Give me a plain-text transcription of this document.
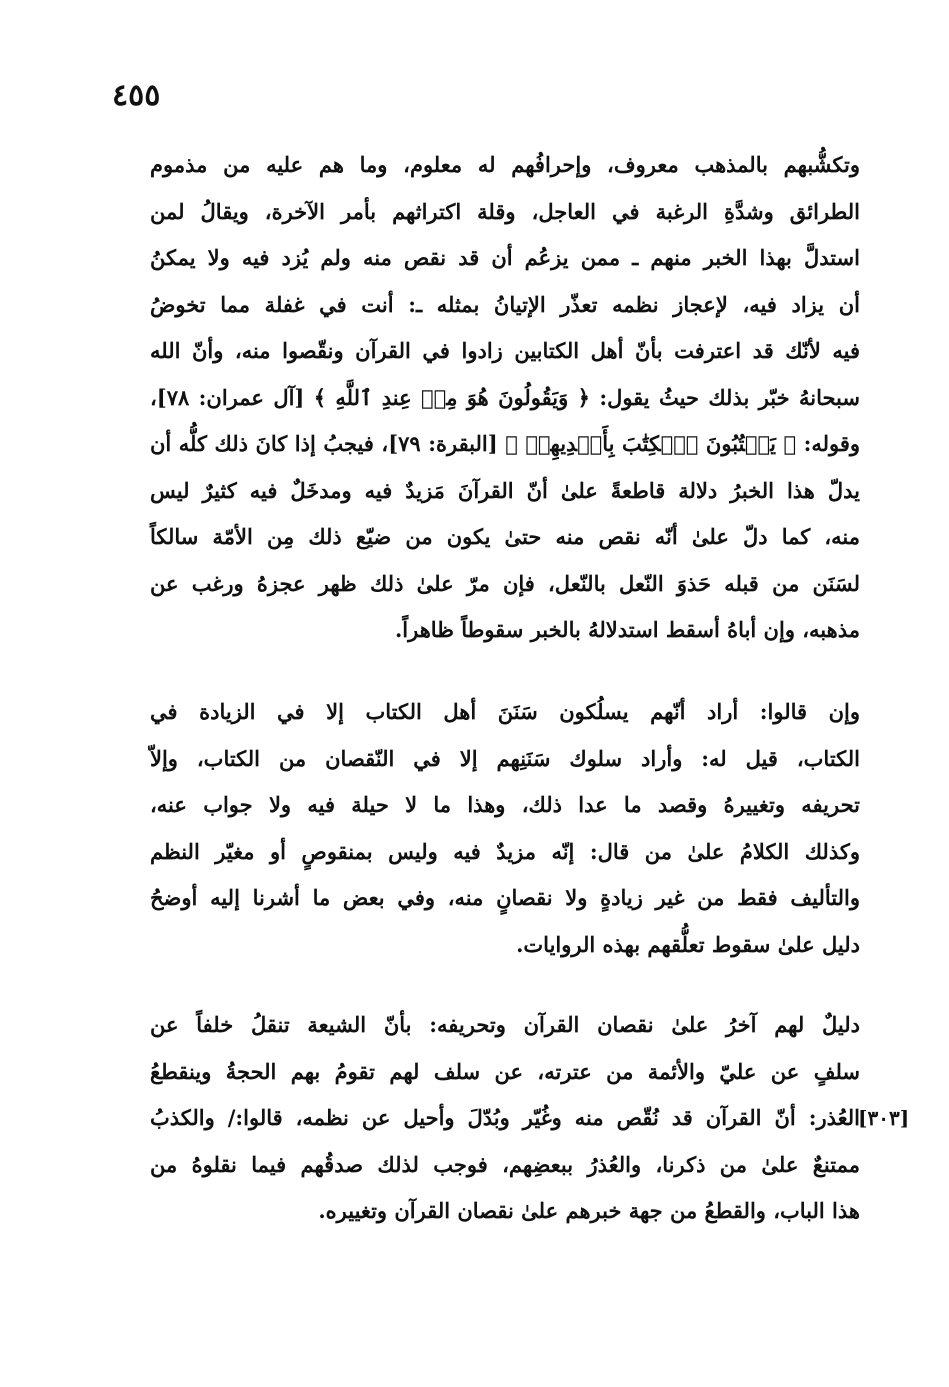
٤٥٥
وتكشُّبهم بالمذهب معروف، وإحرافُهم له معلوم، وما هم عليه من مذموم
الطرائق وشدَّةِ الرغبة في العاجل، وقلة اكتراثهم بأمر الآخرة، ويقالُ لمن
استدلَّ بهذا الخبر منهم ـ ممن يزعُم أن قد نقص منه ولم يُزد فيه ولا يمكنُ
أن يزاد فيه، لإعجاز نظمه تعذّر الإتيانُ بمثله ـ: أنت في غفلة مما تخوضُ
فيه لأنّك قد اعترفت بأنّ أهل الكتابين زادوا في القرآن ونقّصوا منه، وأنّ الله
سبحانهُ خبّر بذلك حيثُ يقول: ﴿ وَيَقُولُونَ هُوَ مِنۡ عِندِ ٱللَّهِ ﴾ [آل عمران: ٧٨]،
وقوله: ﴿ يَكۡتُبُونَ ٱلۡكِتَٰبَ بِأَيۡدِيهِمۡ ﴾ [البقرة: ٧٩]، فيجبُ إذا كانَ ذلك كلُّه أن
يدلّ هذا الخبرُ دلالة قاطعةً علىٰ أنّ القرآنَ مَزيدٌ فيه ومدخَلٌ فيه كثيرٌ ليس
منه، كما دلّ علىٰ أنّه نقص منه حتىٰ يكون من ضيّع ذلك مِن الأمّة سالكاً
لسَنَن من قبله حَذوَ النّعل بالنّعل، فإن مرّ علىٰ ذلك ظهر عجزهُ ورغب عن
مذهبه، وإن أباهُ أسقط استدلالهُ بالخبر سقوطاً ظاهراً.
وإن قالوا: أراد أنّهم يسلُكون سَنَنَ أهل الكتاب إلا في الزيادة في
الكتاب، قيل له: وأراد سلوك سَنَنِهم إلا في النّقصان من الكتاب، وإلاّ
تحريفه وتغييرهُ وقصد ما عدا ذلك، وهذا ما لا حيلة فيه ولا جواب عنه،
وكذلك الكلامُ علىٰ من قال: إنّه مزيدٌ فيه وليس بمنقوصٍ أو مغيّر النظم
والتأليف فقط من غير زيادةٍ ولا نقصانٍ منه، وفي بعض ما أشرنا إليه أوضحُ
دليل علىٰ سقوط تعلُّقهم بهذه الروايات.
دليلٌ لهم آخرُ علىٰ نقصان القرآن وتحريفه: بأنّ الشيعة تنقلُ خلفاً عن
سلفٍ عن عليّ والأئمة من عترته، عن سلف لهم تقومُ بهم الحجةُ وينقطعُ
العُذر: أنّ القرآن قد نُقّص منه وغُيّر وبُدّلَ وأحيل عن نظمه، قالوا:/ والكذبُ
ممتنعٌ علىٰ من ذكرنا، والعُذرُ ببعضِهم، فوجب لذلك صدقُهم فيما نقلوهُ من
هذا الباب، والقطعُ من جهة خبرهم علىٰ نقصان القرآن وتغييره.
[٣٠٣]
